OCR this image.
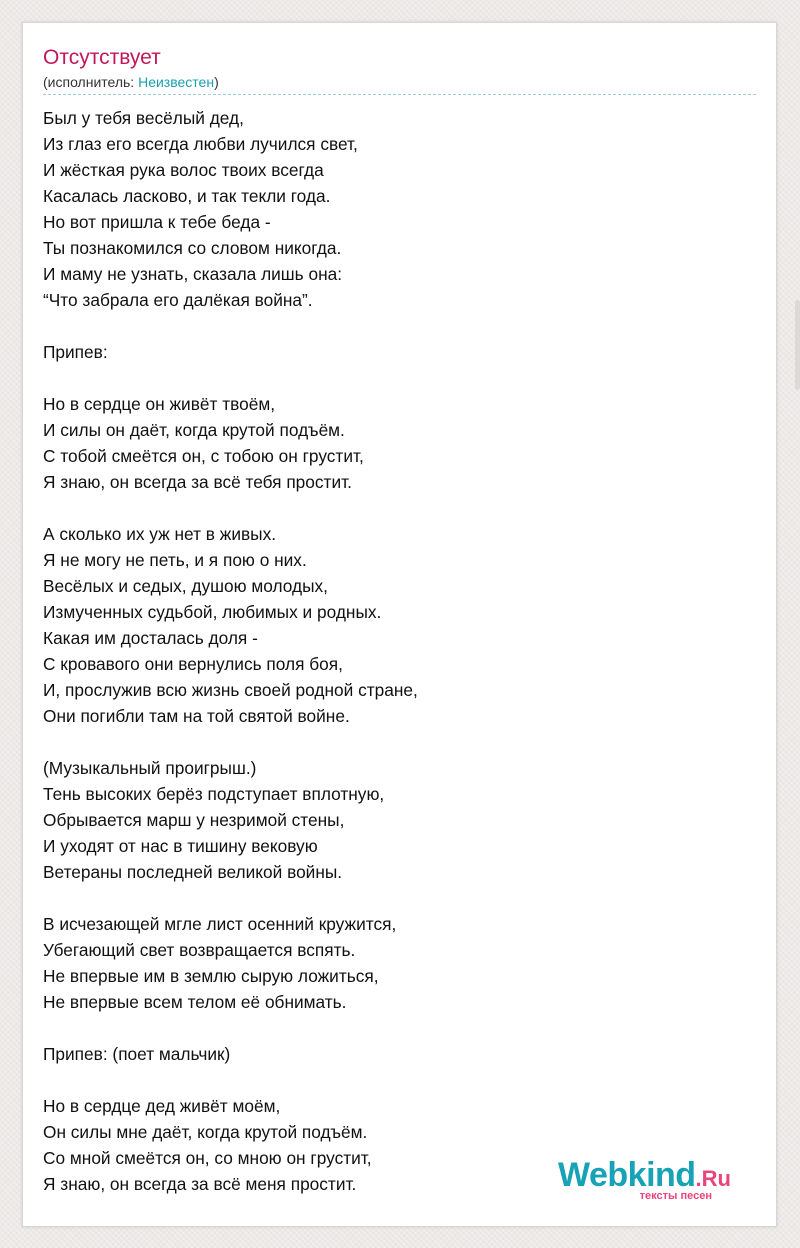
Отсутствует
(исполнитель: Неизвестен)
Был у тебя весёлый дед,
Из глаз его всегда любви лучился свет,
И жёсткая рука волос твоих всегда
Касалась ласково, и так текли года.
Но вот пришла к тебе беда -
Ты познакомился со словом никогда.
И маму не узнать, сказала лишь она:
“Что забрала его далёкая война”.
Припев:
Но в сердце он живёт твоём,
И силы он даёт, когда крутой подъём.
С тобой смеётся он, с тобою он грустит,
Я знаю, он всегда за всё тебя простит.
А сколько их уж нет в живых.
Я не могу не петь, и я пою о них.
Весёлых и седых, душою молодых,
Измученных судьбой, любимых и родных.
Какая им досталась доля -
С кровавого они вернулись поля боя,
И, прослужив всю жизнь своей родной стране,
Они погибли там на той святой войне.
(Музыкальный проигрыш.)
Тень высоких берёз подступает вплотную,
Обрывается марш у незримой стены,
И уходят от нас в тишину вековую
Ветераны последней великой войны.
В исчезающей мгле лист осенний кружится,
Убегающий свет возвращается вспять.
Не впервые им в землю сырую ложиться,
Не впервые всем телом её обнимать.
Припев: (поет мальчик)
Но в сердце дед живёт моём,
Он силы мне даёт, когда крутой подъём.
Со мной смеётся он, со мною он грустит,
Я знаю, он всегда за всё меня простит.	Webkind.Ru
тексты песен
